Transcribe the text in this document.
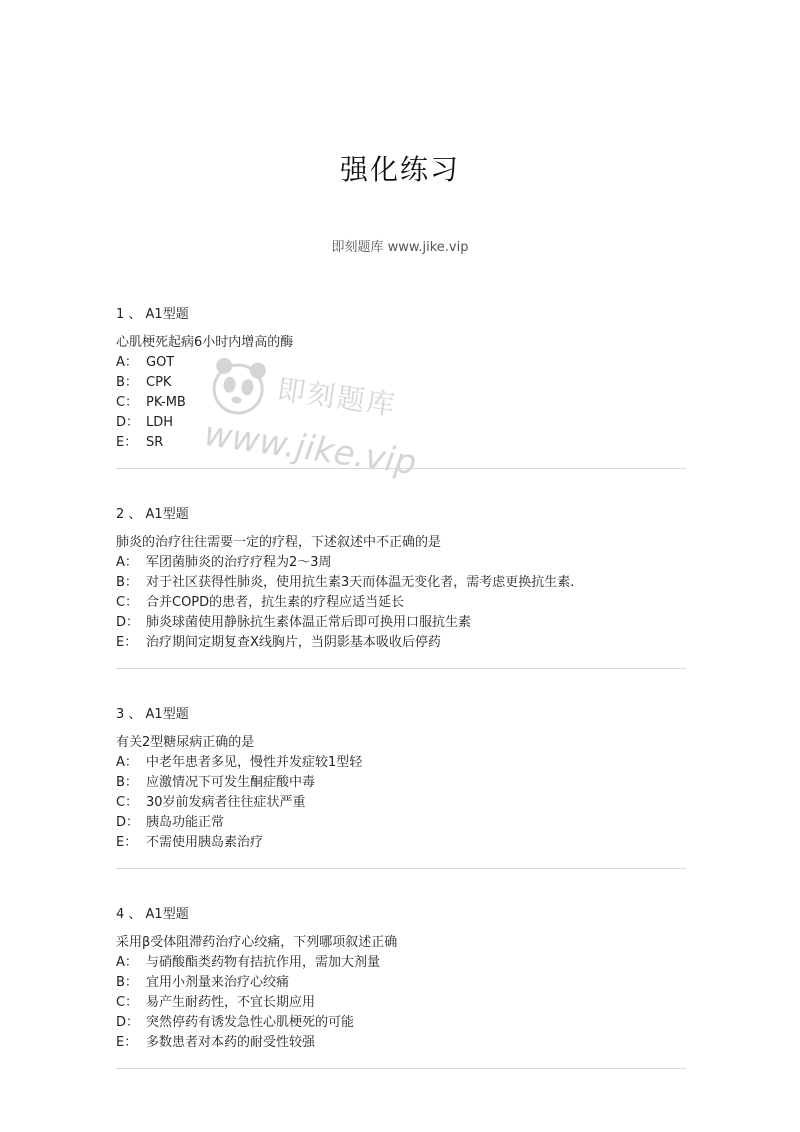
强化练习
即刻题库 www.jike.vip
即刻题库
www.jike.vip
1 、 A1型题
心肌梗死起病6小时内增高的酶
A： GOT
B： CPK
C： PK-MB
D： LDH
E： SR
2 、 A1型题
肺炎的治疗往往需要一定的疗程，下述叙述中不正确的是
A： 军团菌肺炎的治疗疗程为2～3周
B： 对于社区获得性肺炎，使用抗生素3天而体温无变化者，需考虑更换抗生素.
C： 合并COPD的患者，抗生素的疗程应适当延长
D： 肺炎球菌使用静脉抗生素体温正常后即可换用口服抗生素
E： 治疗期间定期复查X线胸片，当阴影基本吸收后停药
3 、 A1型题
有关2型糖尿病正确的是
A： 中老年患者多见，慢性并发症较1型轻
B： 应激情况下可发生酮症酸中毒
C： 30岁前发病者往往症状严重
D： 胰岛功能正常
E： 不需使用胰岛素治疗
4 、 A1型题
采用β受体阻滞药治疗心绞痛，下列哪项叙述正确
A： 与硝酸酯类药物有拮抗作用，需加大剂量
B： 宜用小剂量来治疗心绞痛
C： 易产生耐药性，不宜长期应用
D： 突然停药有诱发急性心肌梗死的可能
E： 多数患者对本药的耐受性较强
